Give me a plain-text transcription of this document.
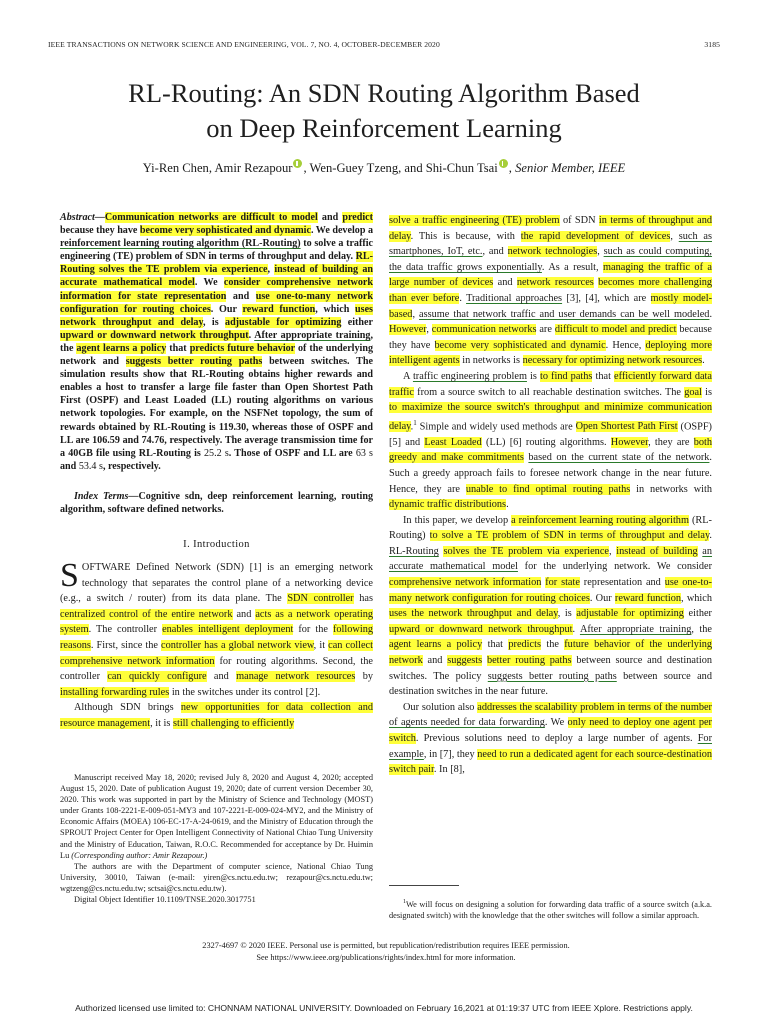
IEEE TRANSACTIONS ON NETWORK SCIENCE AND ENGINEERING, VOL. 7, NO. 4, OCTOBER-DECEMBER 2020	3185
RL-Routing: An SDN Routing Algorithm Based
on Deep Reinforcement Learning
Yi-Ren Chen, Amir Rezapour , Wen-Guey Tzeng, and Shi-Chun Tsai , Senior Member, IEEE

Abstract—Communication networks are difficult to model and predict because they have become very sophisticated and dynamic. We develop a reinforcement learning routing algorithm (RL-Routing) to solve a traffic engineering (TE) problem of SDN in terms of throughput and delay. RL-Routing solves the TE problem via experience, instead of building an accurate mathematical model. We consider comprehensive network information for state representation and use one-to-many network configuration for routing choices. Our reward function, which uses network throughput and delay, is adjustable for optimizing either upward or downward network throughput. After appropriate training, the agent learns a policy that predicts future behavior of the underlying network and suggests better routing paths between switches. The simulation results show that RL-Routing obtains higher rewards and enables a host to transfer a large file faster than Open Shortest Path First (OSPF) and Least Loaded (LL) routing algorithms on various network topologies. For example, on the NSFNet topology, the sum of rewards obtained by RL-Routing is 119.30, whereas those of OSPF and LL are 106.59 and 74.76, respectively. The average transmission time for a 40GB file using RL-Routing is 25.2 s. Those of OSPF and LL are 63 s and 53.4 s, respectively.

Index Terms—Cognitive sdn, deep reinforcement learning, routing algorithm, software defined networks.

I. Introduction

SOFTWARE Defined Network (SDN) [1] is an emerging network technology that separates the control plane of a networking device (e.g., a switch / router) from its data plane. The SDN controller has centralized control of the entire network and acts as a network operating system. The controller enables intelligent deployment for the following reasons. First, since the controller has a global network view, it can collect comprehensive network information for routing algorithms. Second, the controller can quickly configure and manage network resources by installing forwarding rules in the switches under its control [2].

Although SDN brings new opportunities for data collection and resource management, it is still challenging to efficiently

Manuscript received May 18, 2020; revised July 8, 2020 and August 4, 2020; accepted August 15, 2020. Date of publication August 19, 2020; date of current version December 30, 2020. This work was supported in part by the Ministry of Science and Technology (MOST) under Grants 108-2221-E-009-051-MY3 and 107-2221-E-009-024-MY2, and the Ministry of Economic Affairs (MOEA) 106-EC-17-A-24-0619, and the Ministry of Education through the SPROUT Project Center for Open Intelligent Connectivity of National Chiao Tung University and the Ministry of Education, Taiwan, R.O.C. Recommended for acceptance by Dr. Huimin Lu (Corresponding author: Amir Rezapour.)

The authors are with the Department of computer science, National Chiao Tung University, 30010, Taiwan (e-mail: yiren@cs.nctu.edu.tw; rezapour@cs.nctu.edu.tw; wgtzeng@cs.nctu.edu.tw; sctsai@cs.nctu.edu.tw).

Digital Object Identifier 10.1109/TNSE.2020.3017751

solve a traffic engineering (TE) problem of SDN in terms of throughput and delay. This is because, with the rapid development of devices, such as smartphones, IoT, etc., and network technologies, such as could computing, the data traffic grows exponentially. As a result, managing the traffic of a large number of devices and network resources becomes more challenging than ever before. Traditional approaches [3], [4], which are mostly model-based, assume that network traffic and user demands can be well modeled. However, communication networks are difficult to model and predict because they have become very sophisticated and dynamic. Hence, deploying more intelligent agents in networks is necessary for optimizing network resources.

A traffic engineering problem is to find paths that efficiently forward data traffic from a source switch to all reachable destination switches. The goal is to maximize the source switch's throughput and minimize communication delay.$^1$ Simple and widely used methods are Open Shortest Path First (OSPF) [5] and Least Loaded (LL) [6] routing algorithms. However, they are both greedy and make commitments based on the current state of the network. Such a greedy approach fails to foresee network change in the near future. Hence, they are unable to find optimal routing paths in networks with dynamic traffic distributions.

In this paper, we develop a reinforcement learning routing algorithm (RL-Routing) to solve a TE problem of SDN in terms of throughput and delay. RL-Routing solves the TE problem via experience, instead of building an accurate mathematical model for the underlying network. We consider comprehensive network information for state representation and use one-to-many network configuration for routing choices. Our reward function, which uses the network throughput and delay, is adjustable for optimizing either upward or downward network throughput. After appropriate training, the agent learns a policy that predicts the future behavior of the underlying network and suggests better routing paths between source and destination switches. The policy suggests better routing paths between source and destination switches in the near future.

Our solution also addresses the scalability problem in terms of the number of agents needed for data forwarding. We only need to deploy one agent per switch. Previous solutions need to deploy a large number of agents. For example, in [7], they need to run a dedicated agent for each source-destination switch pair. In [8],

$^1$We will focus on designing a solution for forwarding data traffic of a source switch (a.k.a. designated switch) with the knowledge that the other switches will follow a similar approach.

2327-4697 © 2020 IEEE. Personal use is permitted, but republication/redistribution requires IEEE permission.
See https://www.ieee.org/publications/rights/index.html for more information.
Authorized licensed use limited to: CHONNAM NATIONAL UNIVERSITY. Downloaded on February 16,2021 at 01:19:37 UTC from IEEE Xplore. Restrictions apply.
